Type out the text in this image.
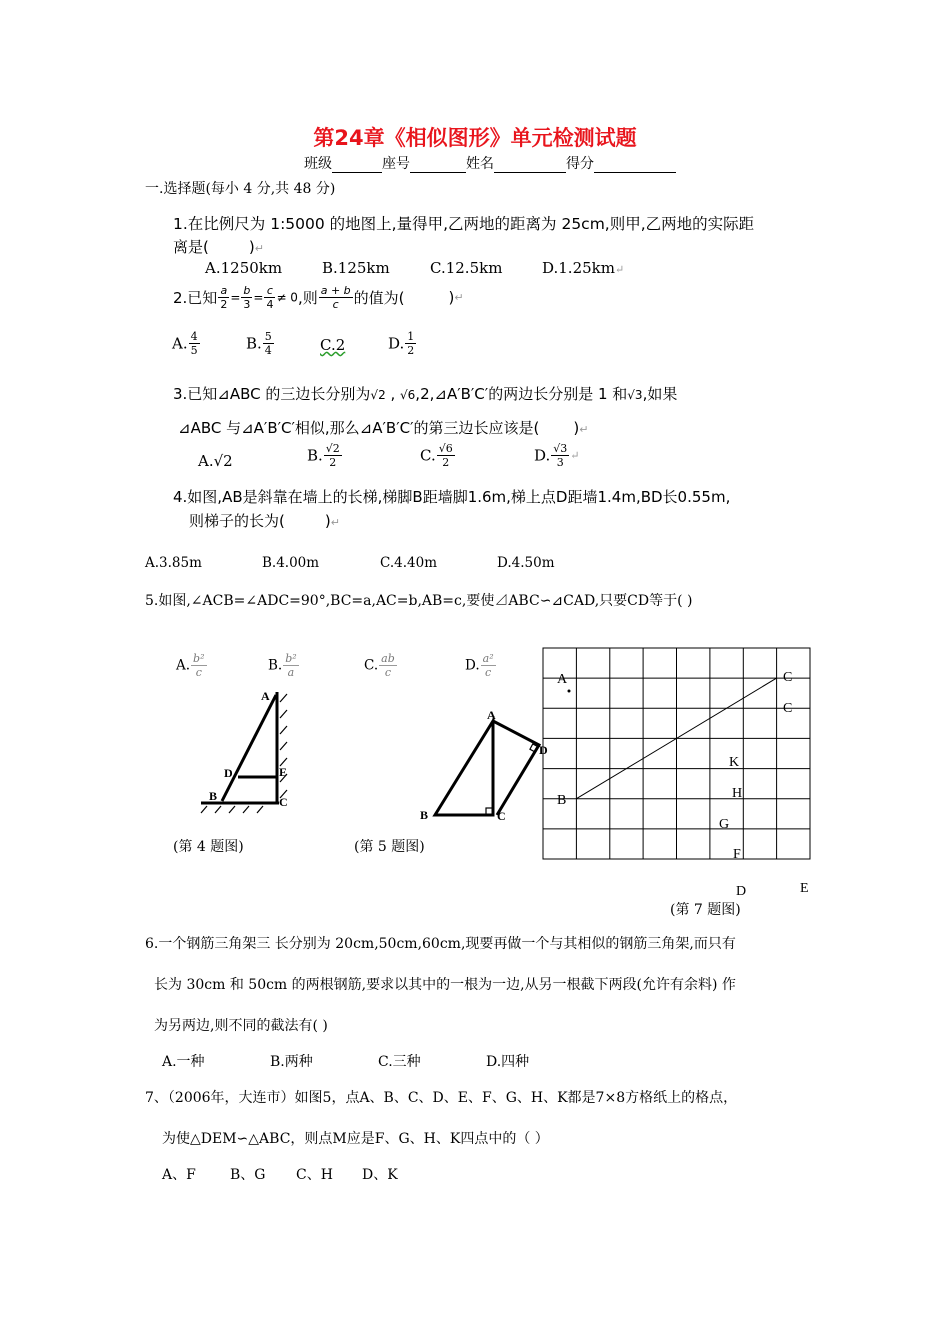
第24章《相似图形》单元检测试题
班级	座号	姓名	得分
一.选择题(每小 4 分,共 48 分)
1.在比例尺为 1:5000 的地图上,量得甲,乙两地的距离为 25cm,则甲,乙两地的实际距
离是(	)↵
A.1250km	B.125km	C.12.5km	D.1.25km↵
2.已知 $\frac{a}{2} = \frac{b}{3} = \frac{c}{4} \ne 0$,则 $\frac{a + b}{c}$ 的值为(	)↵
A. $\frac{4}{5}$	B. $\frac{5}{4}$	C.2	D. $\frac{1}{2}$
3.已知⊿ABC 的三边长分别为√2 , √6,2,⊿A′B′C′的两边长分别是 1 和√3,如果
⊿ABC 与⊿A′B′C′相似,那么⊿A′B′C′的第三边长应该是( )↵
A.√2	B. $\frac{√2}{2}$	C. $\frac{√6}{2}$	D. $\frac{√3}{3}$ ↵
4.如图,AB是斜靠在墙上的长梯,梯脚B距墙脚1.6m,梯上点D距墙1.4m,BD长0.55m,
则梯子的长为(	)↵
A.3.85m	B.4.00m	C.4.40m	D.4.50m
5.如图,∠ACB=∠ADC=90°,BC=a,AC=b,AB=c,要使⊿ABC∽⊿CAD,只要CD等于( )
A. $\frac{\text{b²}}{c}$	B. $\frac{\text{b²}}{a}$	C. $\frac{ab}{c}$	D. $\frac{\text{a²}}{c}$
A
D	E
B	C
(第 4 题图)
A
B	C
D
(第 5 题图)
A	C
C
B
K
H
G
F
D	E
(第 7 题图)
6.一个钢筋三角架三 长分别为 20cm,50cm,60cm,现要再做一个与其相似的钢筋三角架,而只有
长为 30cm 和 50cm 的两根钢筋,要求以其中的一根为一边,从另一根截下两段(允许有余料) 作
为另两边,则不同的截法有( )
A.一种	B.两种	C.三种	D.四种
7、（2006年，大连市）如图5，点A、B、C、D、E、F、G、H、K都是7×8方格纸上的格点，
为使△DEM∽△ABC，则点M应是F、G、H、K四点中的（ ）
A、F B、G C、H D、K
